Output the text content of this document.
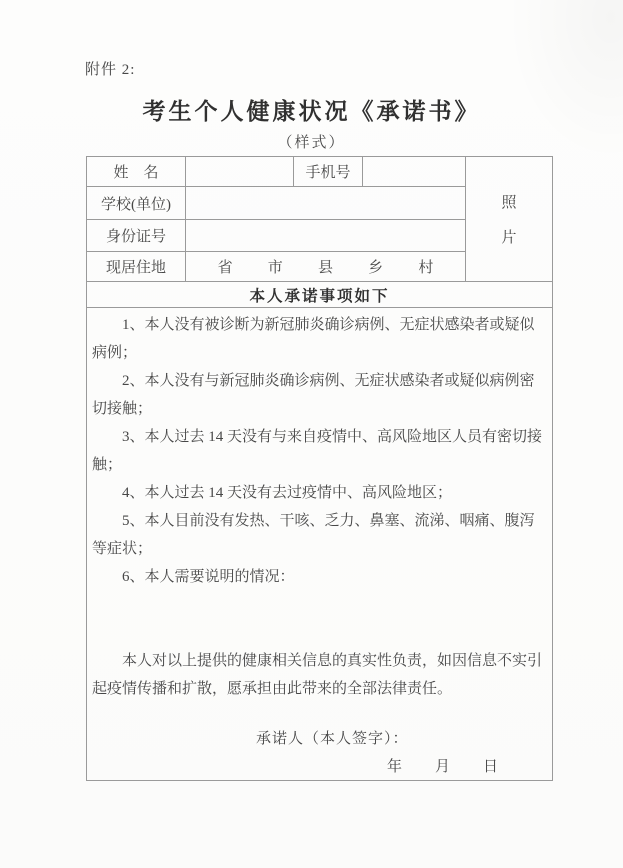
附件 2:
考生个人健康状况《承诺书》
（样式）
姓　名	手机号
照
片
学校(单位)
身份证号
现居住地	省 市 县 乡 村
本人承诺事项如下

1、本人没有被诊断为新冠肺炎确诊病例、无症状感染者或疑似病例；

2、本人没有与新冠肺炎确诊病例、无症状感染者或疑似病例密切接触；

3、本人过去 14 天没有与来自疫情中、高风险地区人员有密切接触；

4、本人过去 14 天没有去过疫情中、高风险地区；

5、本人目前没有发热、干咳、乏力、鼻塞、流涕、咽痛、腹泻等症状；

6、本人需要说明的情况：

本人对以上提供的健康相关信息的真实性负责，如因信息不实引起疫情传播和扩散，愿承担由此带来的全部法律责任。

承诺人（本人签字）：
年　　月　　日
